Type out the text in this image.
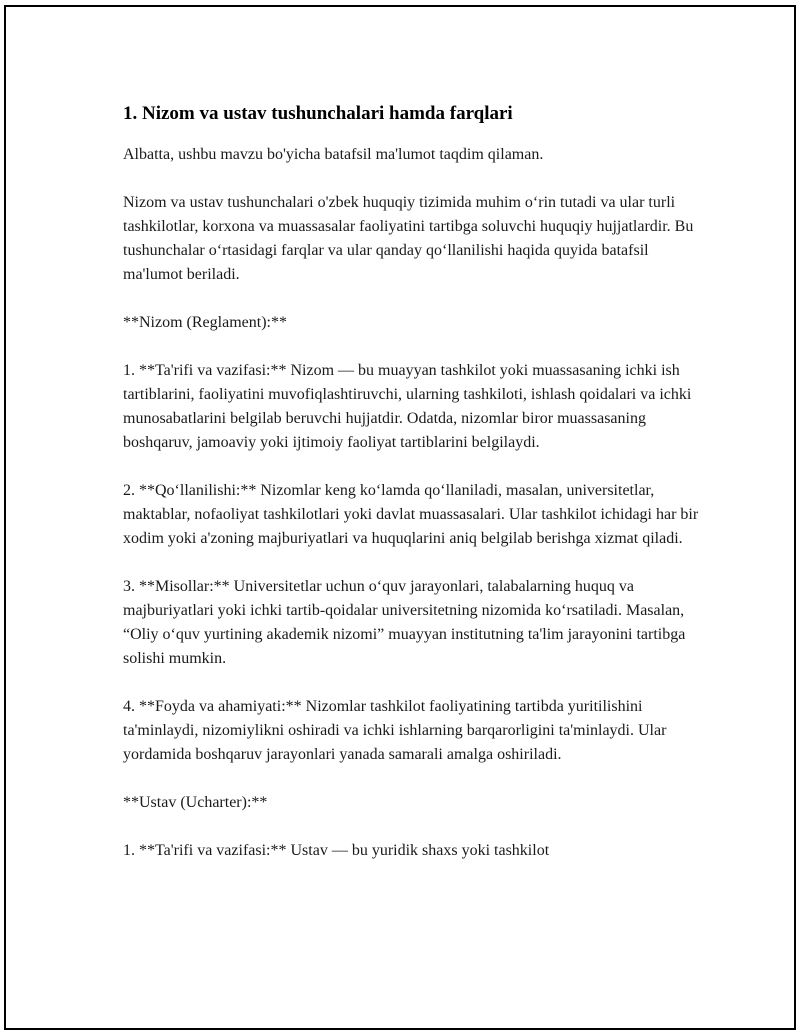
1. Nizom va ustav tushunchalari hamda farqlari

Albatta, ushbu mavzu bo'yicha batafsil ma'lumot taqdim qilaman.

Nizom va ustav tushunchalari o'zbek huquqiy tizimida muhim o‘rin tutadi va ular turli tashkilotlar, korxona va muassasalar faoliyatini tartibga soluvchi huquqiy hujjatlardir. Bu tushunchalar o‘rtasidagi farqlar va ular qanday qo‘llanilishi haqida quyida batafsil ma'lumot beriladi.

**Nizom (Reglament):**

1. **Ta'rifi va vazifasi:** Nizom — bu muayyan tashkilot yoki muassasaning ichki ish tartiblarini, faoliyatini muvofiqlashtiruvchi, ularning tashkiloti, ishlash qoidalari va ichki munosabatlarini belgilab beruvchi hujjatdir. Odatda, nizomlar biror muassasaning boshqaruv, jamoaviy yoki ijtimoiy faoliyat tartiblarini belgilaydi.

2. **Qo‘llanilishi:** Nizomlar keng ko‘lamda qo‘llaniladi, masalan, universitetlar, maktablar, nofaoliyat tashkilotlari yoki davlat muassasalari. Ular tashkilot ichidagi har bir xodim yoki a'zoning majburiyatlari va huquqlarini aniq belgilab berishga xizmat qiladi.

3. **Misollar:** Universitetlar uchun o‘quv jarayonlari, talabalarning huquq va majburiyatlari yoki ichki tartib-qoidalar universitetning nizomida ko‘rsatiladi. Masalan, “Oliy o‘quv yurtining akademik nizomi” muayyan institutning ta'lim jarayonini tartibga solishi mumkin.

4. **Foyda va ahamiyati:** Nizomlar tashkilot faoliyatining tartibda yuritilishini ta'minlaydi, nizomiylikni oshiradi va ichki ishlarning barqarorligini ta'minlaydi. Ular yordamida boshqaruv jarayonlari yanada samarali amalga oshiriladi.

**Ustav (Ucharter):**

1. **Ta'rifi va vazifasi:** Ustav — bu yuridik shaxs yoki tashkilot
